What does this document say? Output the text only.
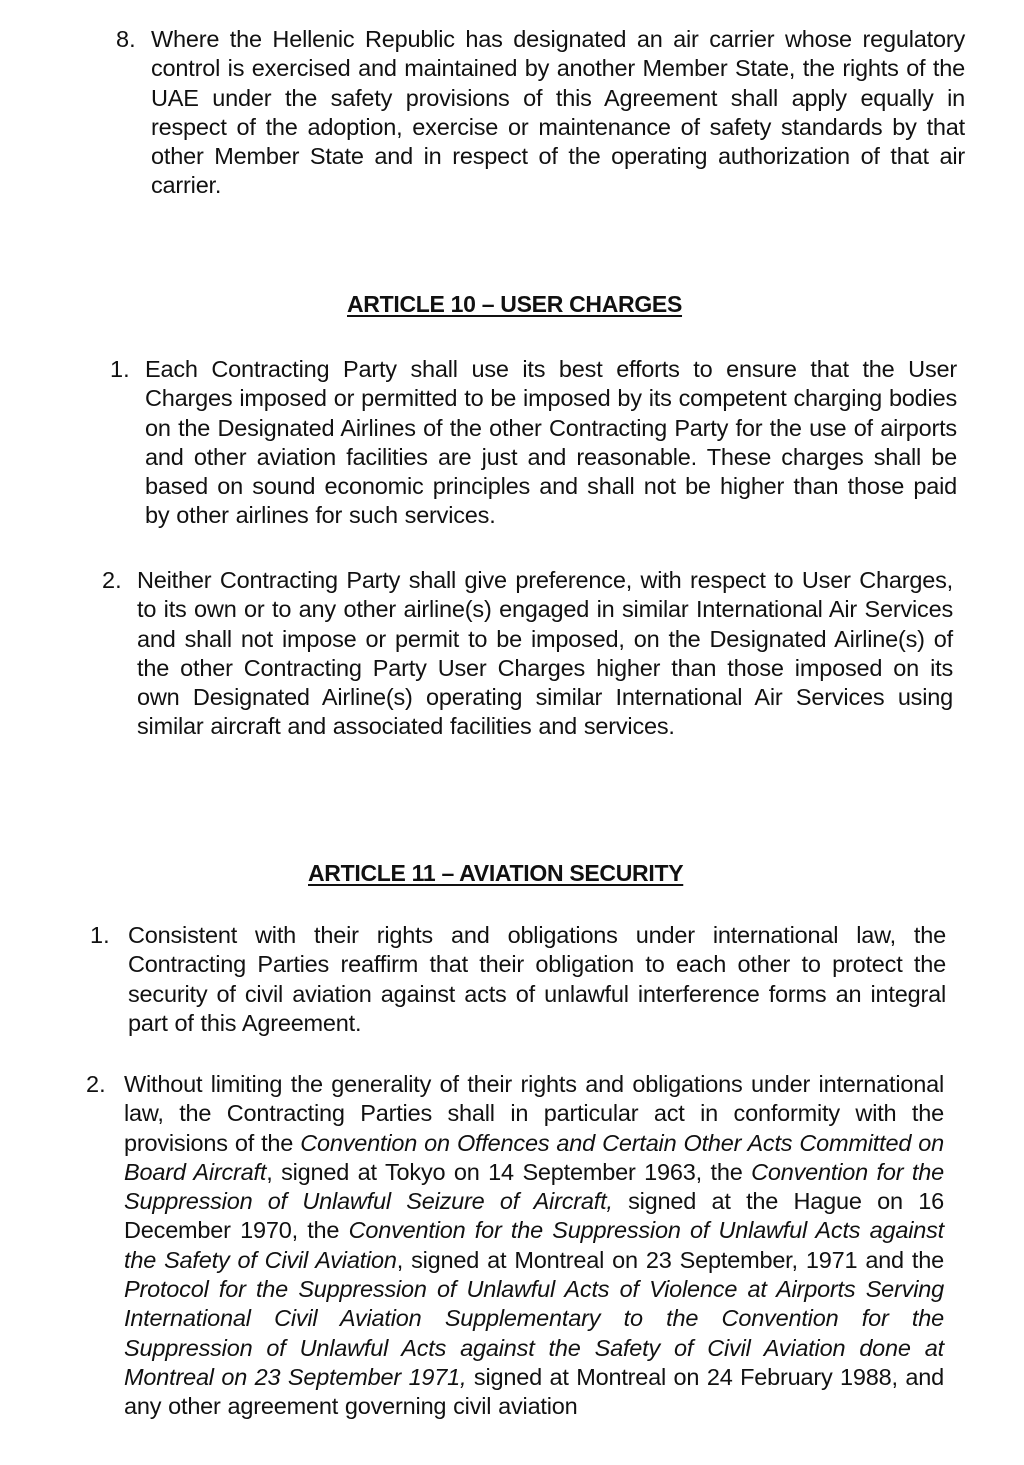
8. Where the Hellenic Republic has designated an air carrier whose regulatory control is exercised and maintained by another Member State, the rights of the UAE under the safety provisions of this Agreement shall apply equally in respect of the adoption, exercise or maintenance of safety standards by that other Member State and in respect of the operating authorization of that air carrier.

ARTICLE 10 – USER CHARGES
1. Each Contracting Party shall use its best efforts to ensure that the User Charges imposed or permitted to be imposed by its competent charging bodies on the Designated Airlines of the other Contracting Party for the use of airports and other aviation facilities are just and reasonable. These charges shall be based on sound economic principles and shall not be higher than those paid by other airlines for such services.

2. Neither Contracting Party shall give preference, with respect to User Charges, to its own or to any other airline(s) engaged in similar International Air Services and shall not impose or permit to be imposed, on the Designated Airline(s) of the other Contracting Party User Charges higher than those imposed on its own Designated Airline(s) operating similar International Air Services using similar aircraft and associated facilities and services.

ARTICLE 11 – AVIATION SECURITY
1. Consistent with their rights and obligations under international law, the Contracting Parties reaffirm that their obligation to each other to protect the security of civil aviation against acts of unlawful interference forms an integral part of this Agreement.

2. Without limiting the generality of their rights and obligations under international law, the Contracting Parties shall in particular act in conformity with the provisions of the Convention on Offences and Certain Other Acts Committed on Board Aircraft, signed at Tokyo on 14 September 1963, the Convention for the Suppression of Unlawful Seizure of Aircraft, signed at the Hague on 16 December 1970, the Convention for the Suppression of Unlawful Acts against the Safety of Civil Aviation, signed at Montreal on 23 September, 1971 and the Protocol for the Suppression of Unlawful Acts of Violence at Airports Serving International Civil Aviation Supplementary to the Convention for the Suppression of Unlawful Acts against the Safety of Civil Aviation done at Montreal on 23 September 1971, signed at Montreal on 24 February 1988, and any other agreement governing civil aviation
